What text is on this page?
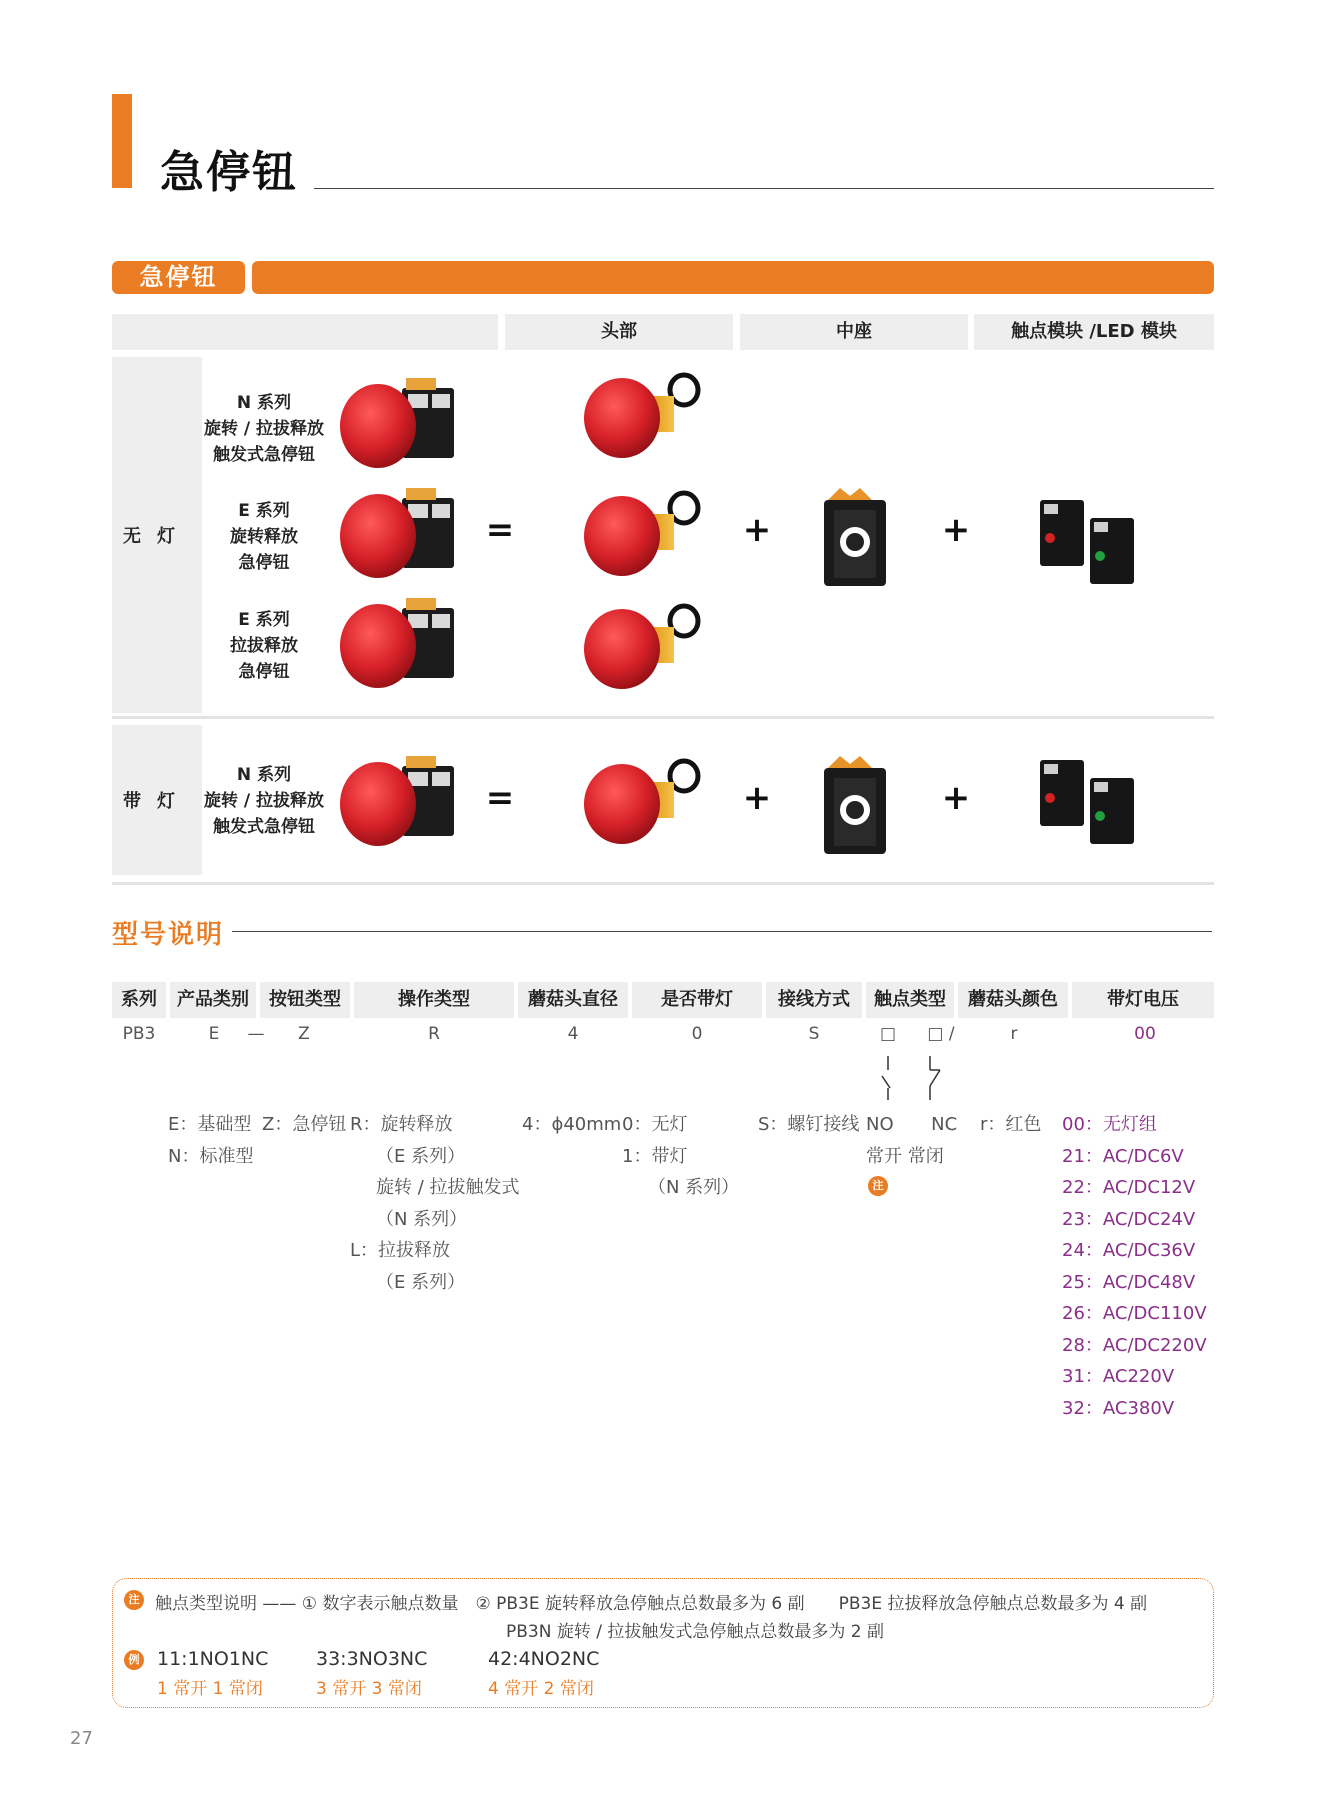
急停钮
急停钮
头部	中座	触点模块 /LED 模块
无灯
N 系列
旋转 / 拉拔释放
触发式急停钮
E 系列
旋转释放
急停钮
E 系列
拉拔释放
急停钮
=	+	+
带灯
N 系列
旋转 / 拉拔释放
触发式急停钮
=	+	+
型号说明
系列	产品类别	按钮类型	操作类型	蘑菇头直径	是否带灯	接线方式	触点类型	蘑菇头颜色	带灯电压
PB3	E	—	Z	R	4	0	S	□	□ /	r	00
E：基础型
N：标准型
Z：急停钮 R：旋转释放
（E 系列）
旋转 / 拉拔触发式
（N 系列）
L：拉拔释放
（E 系列）
4：ϕ40mm 0：无灯
1：带灯
（N 系列）
S：螺钉接线 NO NC
常开 常闭
注
r：红色 00：无灯组
21：AC/DC6V
22：AC/DC12V
23：AC/DC24V
24：AC/DC36V
25：AC/DC48V
26：AC/DC110V
28：AC/DC220V
31：AC220V
32：AC380V
注 触点类型说明 —— ① 数字表示触点数量　② PB3E 旋转释放急停触点总数最多为 6 副　　PB3E 拉拔释放急停触点总数最多为 4 副
PB3N 旋转 / 拉拔触发式急停触点总数最多为 2 副
例 11:1NO1NC
1 常开 1 常闭
33:3NO3NC
3 常开 3 常闭
42:4NO2NC
4 常开 2 常闭
27
